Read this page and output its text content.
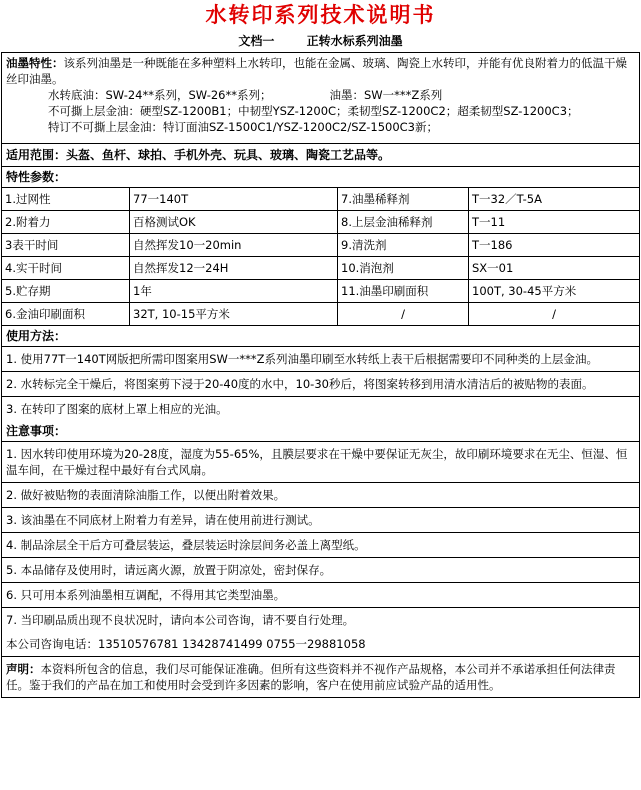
水转印系列技术说明书
文档一	正转水标系列油墨
油墨特性：该系列油墨是一种既能在多种塑料上水转印，也能在金属、玻璃、陶瓷上水转印，并能有优良附着力的低温干燥丝印油墨。
水转底油：SW-24**系列，SW-26**系列；	油墨：SW一***Z系列
不可撕上层金油：硬型SZ-1200B1；中韧型YSZ-1200C；柔韧型SZ-1200C2；超柔韧型SZ-1200C3；
特订不可撕上层金油：特订面油SZ-1500C1/YSZ-1200C2/SZ-1500C3新；
适用范围：头盔、鱼杆、球拍、手机外壳、玩具、玻璃、陶瓷工艺品等。
特性参数：
1.过网性	77一140T	7.油墨稀释剂	T一32／T-5A
2.附着力	百格测试OK	8.上层金油稀释剂	T一11
3表干时间	自然挥发10一20min	9.清洗剂	T一186
4.实干时间	自然挥发12一24H	10.消泡剂	SX一01
5.贮存期	1年	11.油墨印刷面积	100T, 30-45平方米
6.金油印刷面积	32T, 10-15平方米	/	/
使用方法：
1. 使用77T一140T网版把所需印图案用SW一***Z系列油墨印刷至水转纸上表干后根据需要印不同种类的上层金油。
2. 水转标完全干燥后，将图案剪下浸于20-40度的水中，10-30秒后，将图案转移到用清水清洁后的被贴物的表面。
3. 在转印了图案的底材上罩上相应的光油。
注意事项：
1. 因水转印使用环境为20-28度，湿度为55-65%，且膜层要求在干燥中要保证无灰尘，故印刷环境要求在无尘、恒湿、恒温车间，在干燥过程中最好有台式风扇。
2. 做好被贴物的表面清除油脂工作，以便出附着效果。
3. 该油墨在不同底材上附着力有差异，请在使用前进行测试。
4. 制品涂层全干后方可叠层装运，叠层装运时涂层间务必盖上离型纸。
5. 本品储存及使用时，请远离火源，放置于阴凉处，密封保存。
6. 只可用本系列油墨相互调配，不得用其它类型油墨。
7. 当印刷品质出现不良状况时，请向本公司咨询，请不要自行处理。
本公司咨询电话：13510576781 13428741499 0755一29881058
声明：本资料所包含的信息，我们尽可能保证准确。但所有这些资料并不视作产品规格，本公司并不承诺承担任何法律责任。鉴于我们的产品在加工和使用时会受到许多因素的影响，客户在使用前应试验产品的适用性。
